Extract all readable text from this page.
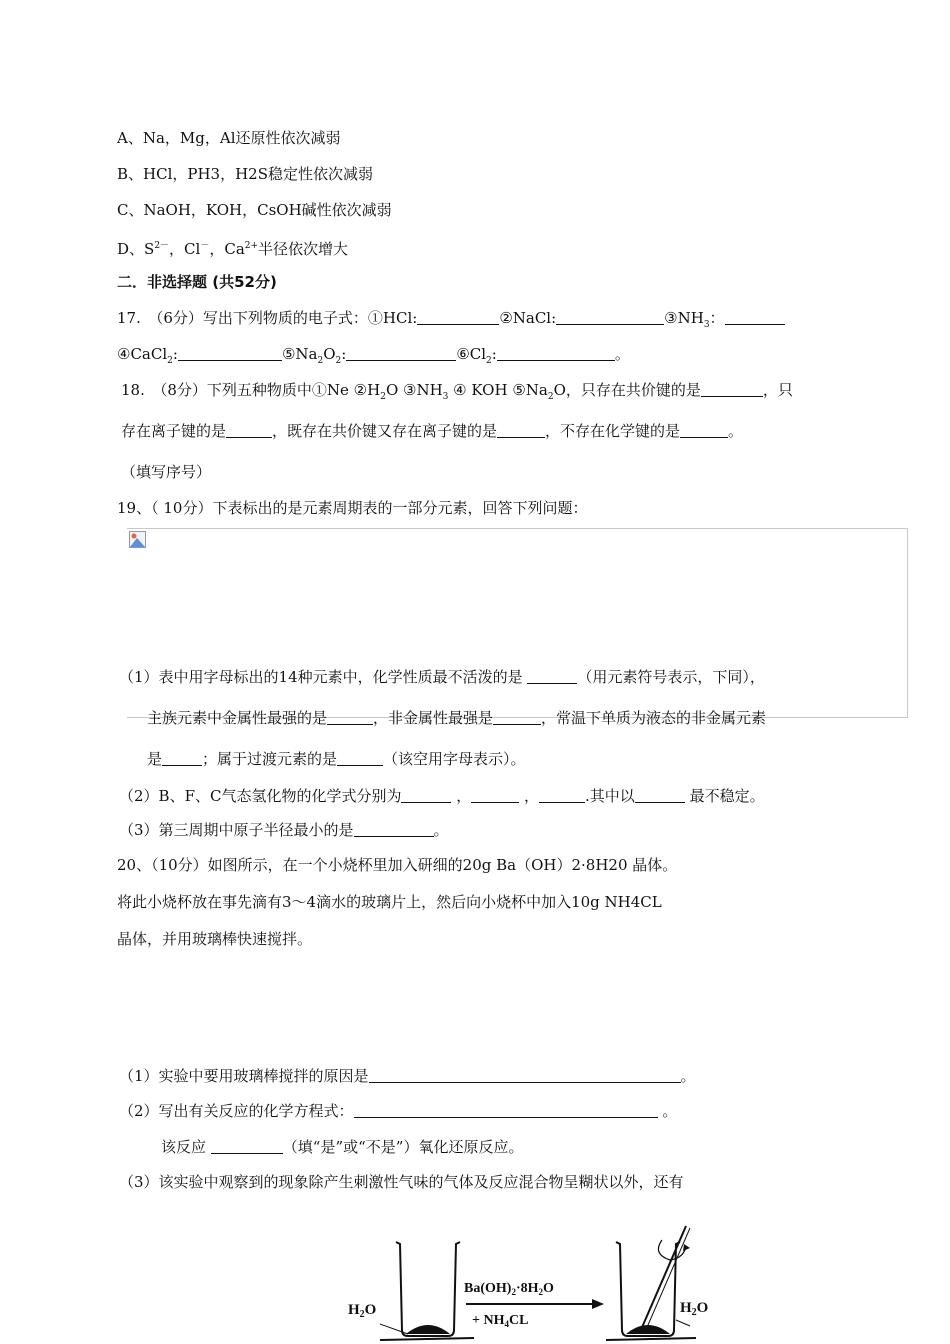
A、Na，Mg，Al还原性依次减弱
B、HCl，PH3，H2S稳定性依次减弱
C、NaOH，KOH，CsOH碱性依次减弱
D、$S^{2-}$，Cl－，$Ca^{2+}$半径依次增大
二．非选择题 (共52分)
17.　（6分）写出下列物质的电子式：①HCl:	②NaCl:	$③NH_3$：
④CaCl$_2$:	$⑤Na_2O_2$:	$⑥Cl_2$:	。
18.　（8分）下列五种物质中①Ne $②H_2O$ $③NH_3$ ④ KOH $⑤Na_2O$，只存在共价键的是	，只
存在离子键的是	，既存在共价键又存在离子键的是	，不存在化学键的是	。
（填写序号）
19、（ 10分）下表标出的是元素周期表的一部分元素，回答下列问题：
（1）表中用字母标出的14种元素中，化学性质最不活泼的是	（用元素符号表示，下同），
主族元素中金属性最强的是	，非金属性最强是	，常温下单质为液态的非金属元素
是	；属于过渡元素的是	（该空用字母表示）。
（2）B、F、C气态氢化物的化学式分别为	，	，	.其中以	最不稳定。
（3）第三周期中原子半径最小的是	。
20、（10分）如图所示，在一个小烧杯里加入研细的20g Ba（OH）2·8H20 晶体。
将此小烧杯放在事先滴有3～4滴水的玻璃片上，然后向小烧杯中加入10g NH4CL
晶体，并用玻璃棒快速搅拌。
（1）实验中要用玻璃棒搅拌的原因是	。
（2）写出有关反应的化学方程式：	。
该反应	（填“是”或“不是”）氧化还原反应。
（3）该实验中观察到的现象除产生刺激性气味的气体及反应混合物呈糊状以外，还有
$H_2O$
$Ba(OH)_2\cdot 8H_2O$
+ $NH_4CL$
$H_2O$
